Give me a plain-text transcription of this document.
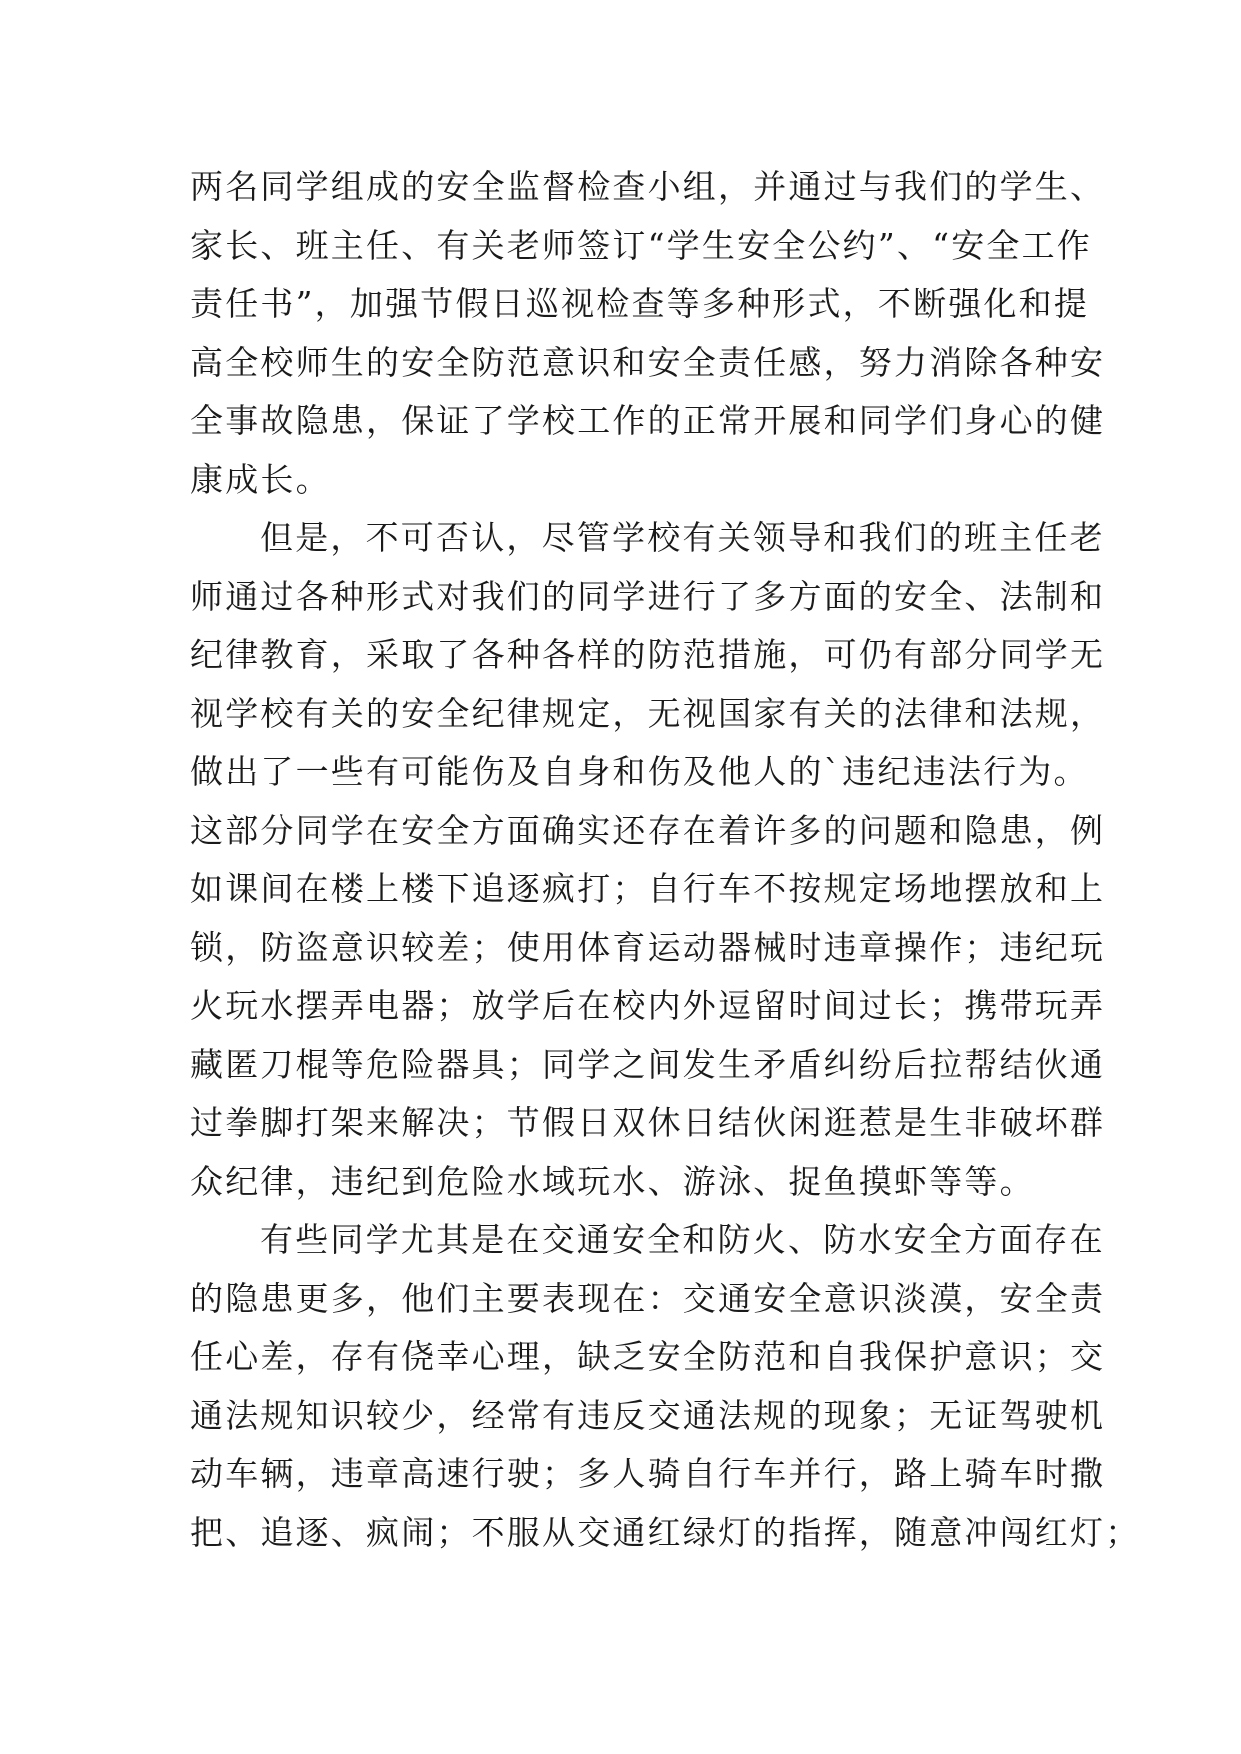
两名同学组成的安全监督检查小组，并通过与我们的学生、
家长、班主任、有关老师签订“学生安全公约”、“安全工作
责任书”，加强节假日巡视检查等多种形式，不断强化和提
高全校师生的安全防范意识和安全责任感，努力消除各种安
全事故隐患，保证了学校工作的正常开展和同学们身心的健
康成长。
但是，不可否认，尽管学校有关领导和我们的班主任老
师通过各种形式对我们的同学进行了多方面的安全、法制和
纪律教育，采取了各种各样的防范措施，可仍有部分同学无
视学校有关的安全纪律规定，无视国家有关的法律和法规，
做出了一些有可能伤及自身和伤及他人的`违纪违法行为。
这部分同学在安全方面确实还存在着许多的问题和隐患，例
如课间在楼上楼下追逐疯打；自行车不按规定场地摆放和上
锁，防盗意识较差；使用体育运动器械时违章操作；违纪玩
火玩水摆弄电器；放学后在校内外逗留时间过长；携带玩弄
藏匿刀棍等危险器具；同学之间发生矛盾纠纷后拉帮结伙通
过拳脚打架来解决；节假日双休日结伙闲逛惹是生非破坏群
众纪律，违纪到危险水域玩水、游泳、捉鱼摸虾等等。
有些同学尤其是在交通安全和防火、防水安全方面存在
的隐患更多，他们主要表现在：交通安全意识淡漠，安全责
任心差，存有侥幸心理，缺乏安全防范和自我保护意识；交
通法规知识较少，经常有违反交通法规的现象；无证驾驶机
动车辆，违章高速行驶；多人骑自行车并行，路上骑车时撒
把、追逐、疯闹；不服从交通红绿灯的指挥，随意冲闯红灯；
